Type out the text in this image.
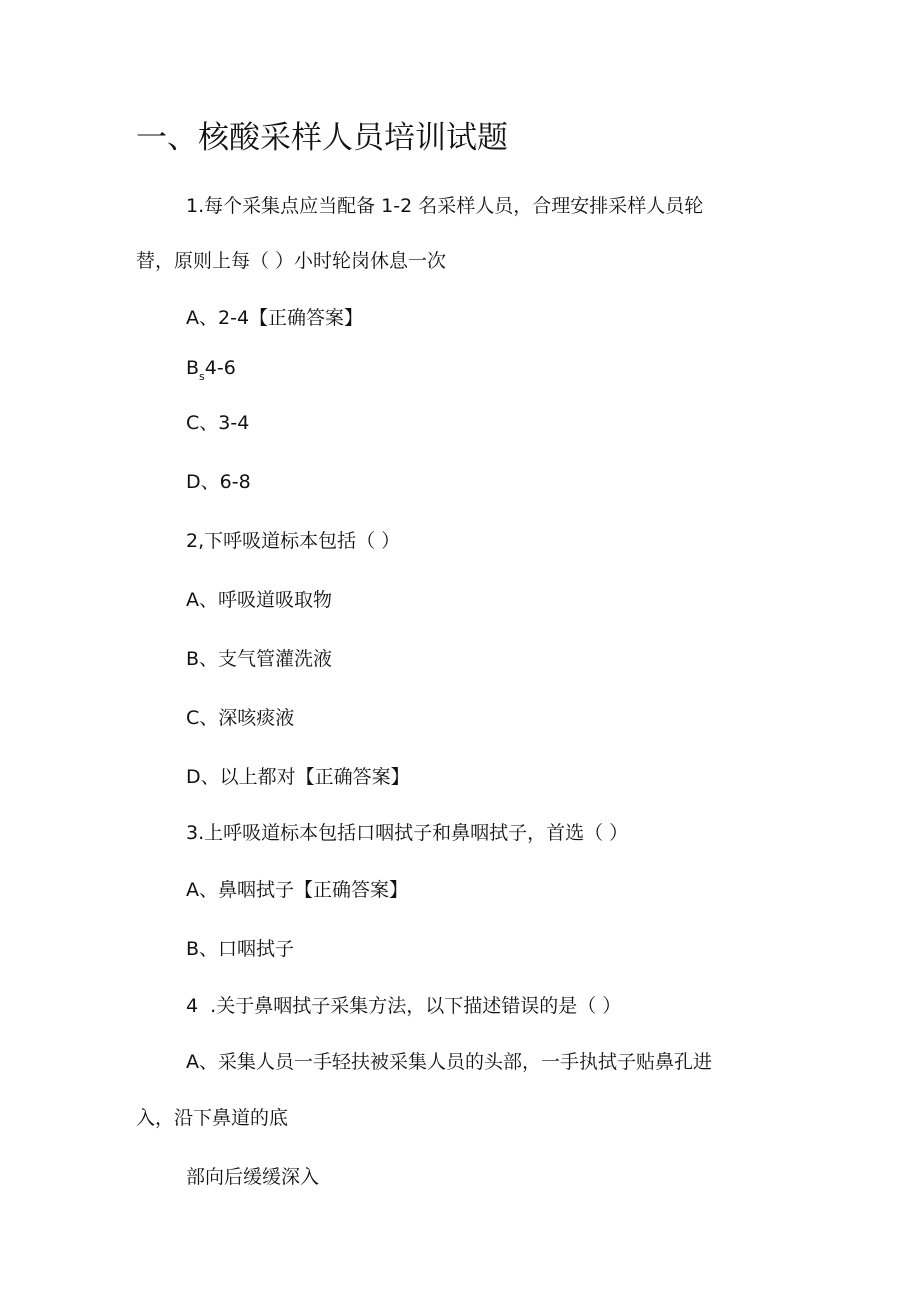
一、核酸采样人员培训试题

1.每个采集点应当配备 1-2 名采样人员，合理安排采样人员轮

替，原则上每（ ）小时轮岗休息一次

A、2-4【正确答案】

$B_s4-6$

C、3-4

D、6-8

2,下呼吸道标本包括（ ）

A、呼吸道吸取物

B、支气管灌洗液

C、深咳痰液

D、以上都对【正确答案】

3.上呼吸道标本包括口咽拭子和鼻咽拭子，首选（ ）

A、鼻咽拭子【正确答案】

B、口咽拭子

4  .关于鼻咽拭子采集方法，以下描述错误的是（ ）

A、采集人员一手轻扶被采集人员的头部，一手执拭子贴鼻孔进

入，沿下鼻道的底

部向后缓缓深入
